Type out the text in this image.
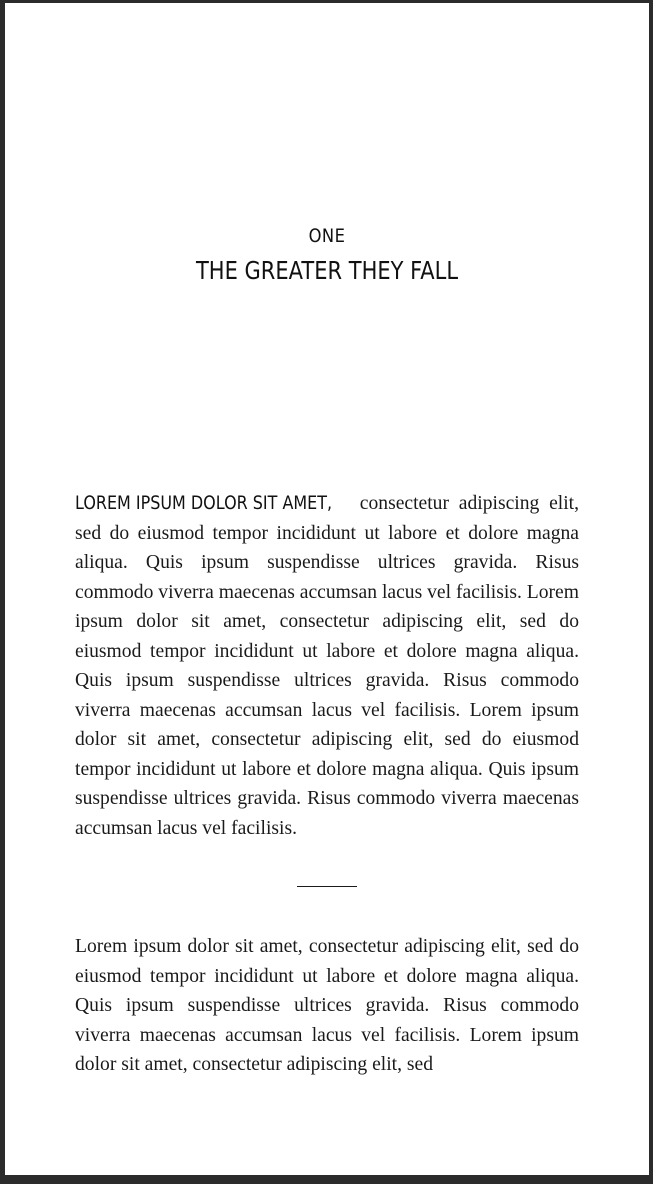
ONE
THE GREATER THEY FALL

LOREM IPSUM DOLOR SIT AMET, consectetur adipiscing elit, sed do eiusmod tempor incididunt ut labore et dolore magna aliqua. Quis ipsum suspendisse ultrices gravida. Risus commodo viverra maecenas accumsan lacus vel facilisis. Lorem ipsum dolor sit amet, consectetur adipiscing elit, sed do eiusmod tempor incididunt ut labore et dolore magna aliqua. Quis ipsum suspendisse ultrices gravida. Risus commodo viverra maecenas accumsan lacus vel facilisis. Lorem ipsum dolor sit amet, consectetur adipiscing elit, sed do eiusmod tempor incididunt ut labore et dolore magna aliqua. Quis ipsum suspendisse ultrices gravida. Risus commodo viverra maecenas accumsan lacus vel facilisis.

Lorem ipsum dolor sit amet, consectetur adipiscing elit, sed do eiusmod tempor incididunt ut labore et dolore magna aliqua. Quis ipsum suspendisse ultrices gravida. Risus commodo viverra maecenas accumsan lacus vel facilisis. Lorem ipsum dolor sit amet, consectetur adipiscing elit, sed
